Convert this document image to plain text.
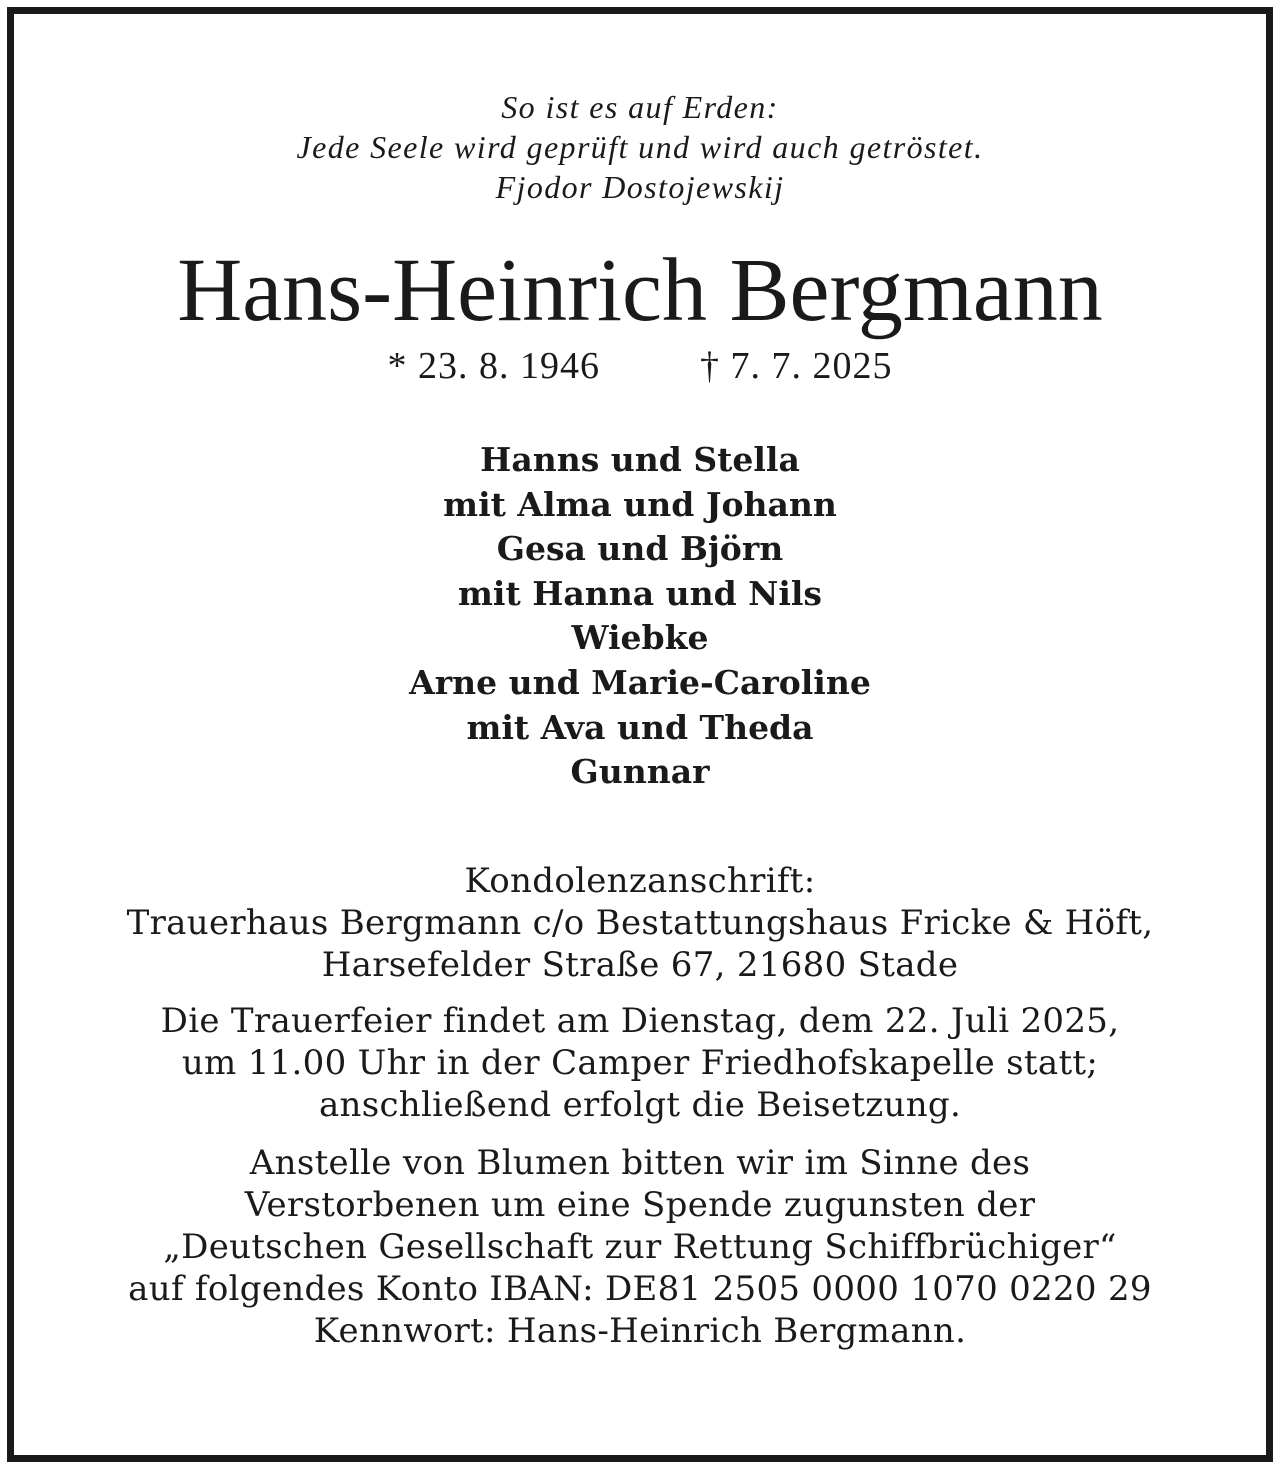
So ist es auf Erden:
Jede Seele wird geprüft und wird auch getröstet.
Fjodor Dostojewskij
Hans-Heinrich Bergmann
* 23. 8. 1946	† 7. 7. 2025
Hanns und Stella
mit Alma und Johann
Gesa und Björn
mit Hanna und Nils
Wiebke
Arne und Marie-Caroline
mit Ava und Theda
Gunnar
Kondolenzanschrift:
Trauerhaus Bergmann c/o Bestattungshaus Fricke & Höft,
Harsefelder Straße 67, 21680 Stade
Die Trauerfeier findet am Dienstag, dem 22. Juli 2025,
um 11.00 Uhr in der Camper Friedhofskapelle statt;
anschließend erfolgt die Beisetzung.
Anstelle von Blumen bitten wir im Sinne des
Verstorbenen um eine Spende zugunsten der
„Deutschen Gesellschaft zur Rettung Schiffbrüchiger“
auf folgendes Konto IBAN: DE81 2505 0000 1070 0220 29
Kennwort: Hans-Heinrich Bergmann.
